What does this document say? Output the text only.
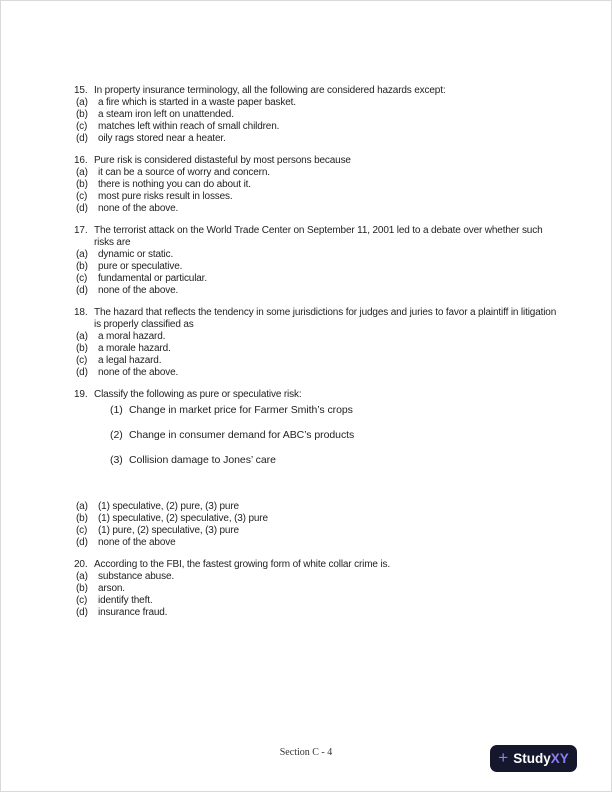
15. In property insurance terminology, all the following are considered hazards except:
(a)	a fire which is started in a waste paper basket.
(b)	a steam iron left on unattended.
(c)	matches left within reach of small children.
(d)	oily rags stored near a heater.
16. Pure risk is considered distasteful by most persons because
(a)	it can be a source of worry and concern.
(b)	there is nothing you can do about it.
(c)	most pure risks result in losses.
(d)	none of the above.
17. The terrorist attack on the World Trade Center on September 11, 2001 led to a debate over whether such risks are
(a)	dynamic or static.
(b)	pure or speculative.
(c)	fundamental or particular.
(d)	none of the above.
18. The hazard that reflects the tendency in some jurisdictions for judges and juries to favor a plaintiff in litigation is properly classified as
(a)	a moral hazard.
(b)	a morale hazard.
(c)	a legal hazard.
(d)	none of the above.
19. Classify the following as pure or speculative risk:
(1) Change in market price for Farmer Smith’s crops
(2) Change in consumer demand for ABC’s products
(3) Collision damage to Jones’ care
(a)	(1) speculative, (2) pure, (3) pure
(b)	(1) speculative, (2) speculative, (3) pure
(c)	(1) pure, (2) speculative, (3) pure
(d)	none of the above
20. According to the FBI, the fastest growing form of white collar crime is.
(a)	substance abuse.
(b)	arson.
(c)	identify theft.
(d)	insurance fraud.
Section C - 4	+ StudyXY
